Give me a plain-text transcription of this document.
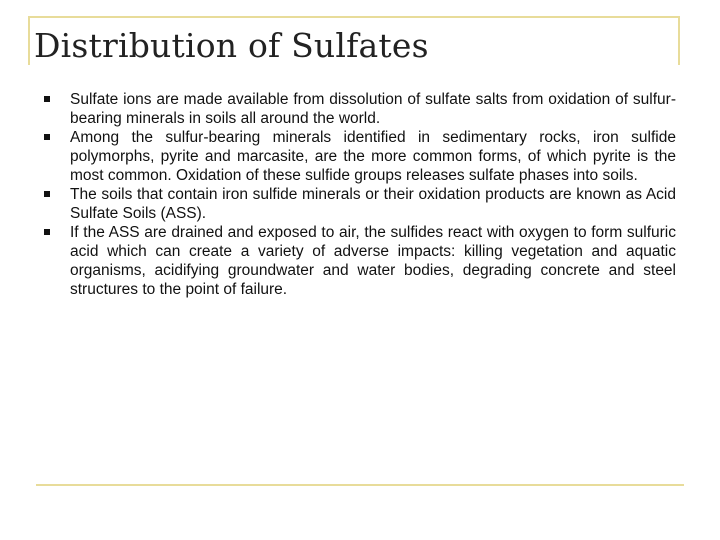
Distribution of Sulfates
Sulfate ions are made available from dissolution of sulfate salts from oxidation of sulfur-bearing minerals in soils all around the world.
Among the sulfur-bearing minerals identified in sedimentary rocks, iron sulfide polymorphs, pyrite and marcasite, are the more common forms, of which pyrite is the most common. Oxidation of these sulfide groups releases sulfate phases into soils.
The soils that contain iron sulfide minerals or their oxidation products are known as Acid Sulfate Soils (ASS).
If the ASS are drained and exposed to air, the sulfides react with oxygen to form sulfuric acid which can create a variety of adverse impacts: killing vegetation and aquatic organisms, acidifying groundwater and water bodies, degrading concrete and steel structures to the point of failure.
